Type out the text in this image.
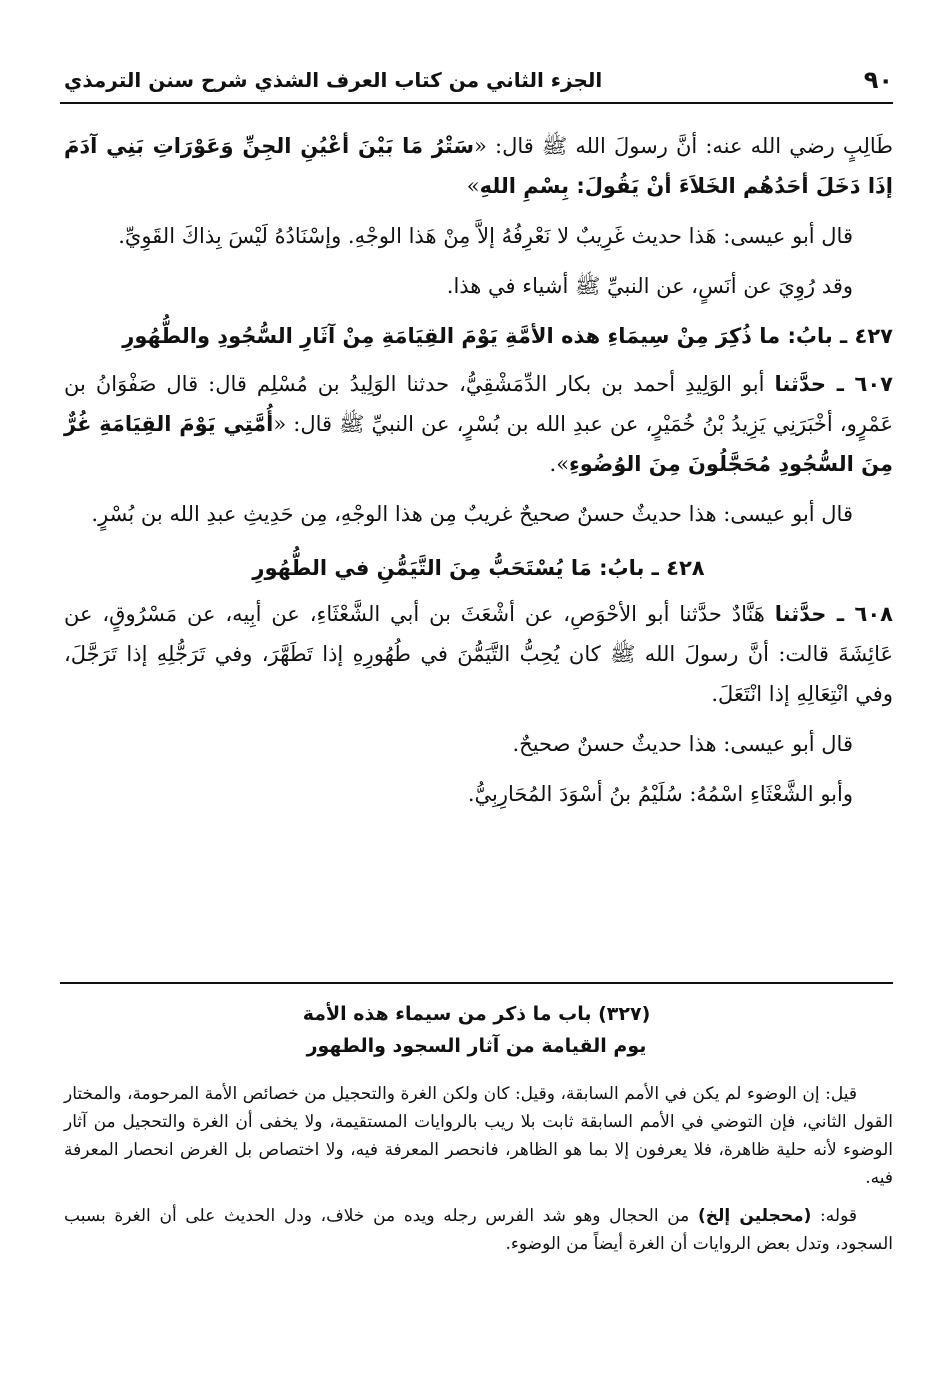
٩٠
الجزء الثاني من كتاب العرف الشذي شرح سنن الترمذي

طَالِبٍ رضي الله عنه: أنَّ رسولَ الله ﷺ قال: «سَتْرُ مَا بَيْنَ أعْيُنِ الجِنِّ وَعَوْرَاتِ بَنِي آدَمَ إذَا دَخَلَ أحَدُهُم الخَلاَءَ أنْ يَقُولَ: بِسْمِ اللهِ»

قال أبو عيسى: هَذا حديث غَرِيبٌ لا نَعْرِفُهُ إلاَّ مِنْ هَذا الوجْهِ. وإسْنَادُهُ لَيْسَ بِذاكَ القَوِيِّ.

وقد رُوِيَ عن أنَسٍ، عن النبيِّ ﷺ أشياء في هذا.

٤٢٧ ـ بابُ: ما ذُكِرَ مِنْ سِيمَاءِ هذه الأمَّةِ يَوْمَ القِيَامَةِ مِنْ آثَارِ السُّجُودِ والطُّهُورِ

٦٠٧ ـ حدَّثنا أبو الوَلِيدِ أحمد بن بكار الدِّمَشْقِيُّ، حدثنا الوَلِيدُ بن مُسْلِم قال: قال صَفْوَانُ بن عَمْرٍو، أخْبَرَنِي يَزِيدُ بْنُ خُمَيْرٍ، عن عبدِ الله بن بُسْرٍ، عن النبيِّ ﷺ قال: «أُمَّتِي يَوْمَ القِيَامَةِ غُرٌّ مِنَ السُّجُودِ مُحَجَّلُونَ مِنَ الوُضُوءِ».

قال أبو عيسى: هذا حديثٌ حسنٌ صحيحٌ غريبٌ مِن هذا الوجْهِ، مِن حَدِيثِ عبدِ الله بن بُسْرٍ.

٤٢٨ ـ بابُ: مَا يُسْتَحَبُّ مِنَ التَّيَمُّنِ في الطُّهُورِ

٦٠٨ ـ حدَّثنا هَنَّادٌ حدَّثنا أبو الأحْوَصِ، عن أشْعَثَ بن أبي الشَّعْثَاءِ، عن أبِيه، عن مَسْرُوقٍ، عن عَائِشَةَ قالت: أنَّ رسولَ الله ﷺ كان يُحِبُّ التَّيَمُّنَ في طُهُورِهِ إذا تَطَهَّرَ، وفي تَرَجُّلِهِ إذا تَرَجَّلَ، وفي انْتِعَالِهِ إذا انْتَعَلَ.

قال أبو عيسى: هذا حديثٌ حسنٌ صحيحٌ.

وأبو الشَّعْثَاءِ اسْمُهُ: سُلَيْمُ بنُ أسْوَدَ المُحَارِبِيُّ.

(٣٢٧) باب ما ذكر من سيماء هذه الأمة
يوم القيامة من آثار السجود والطهور

قيل: إن الوضوء لم يكن في الأمم السابقة، وقيل: كان ولكن الغرة والتحجيل من خصائص الأمة المرحومة، والمختار القول الثاني، فإن التوضي في الأمم السابقة ثابت بلا ريب بالروايات المستقيمة، ولا يخفى أن الغرة والتحجيل من آثار الوضوء لأنه حلية ظاهرة، فلا يعرفون إلا بما هو الظاهر، فانحصر المعرفة فيه، ولا اختصاص بل الغرض انحصار المعرفة فيه.

قوله: (محجلين إلخ) من الحجال وهو شد الفرس رجله ويده من خلاف، ودل الحديث على أن الغرة بسبب السجود، وتدل بعض الروايات أن الغرة أيضاً من الوضوء.
